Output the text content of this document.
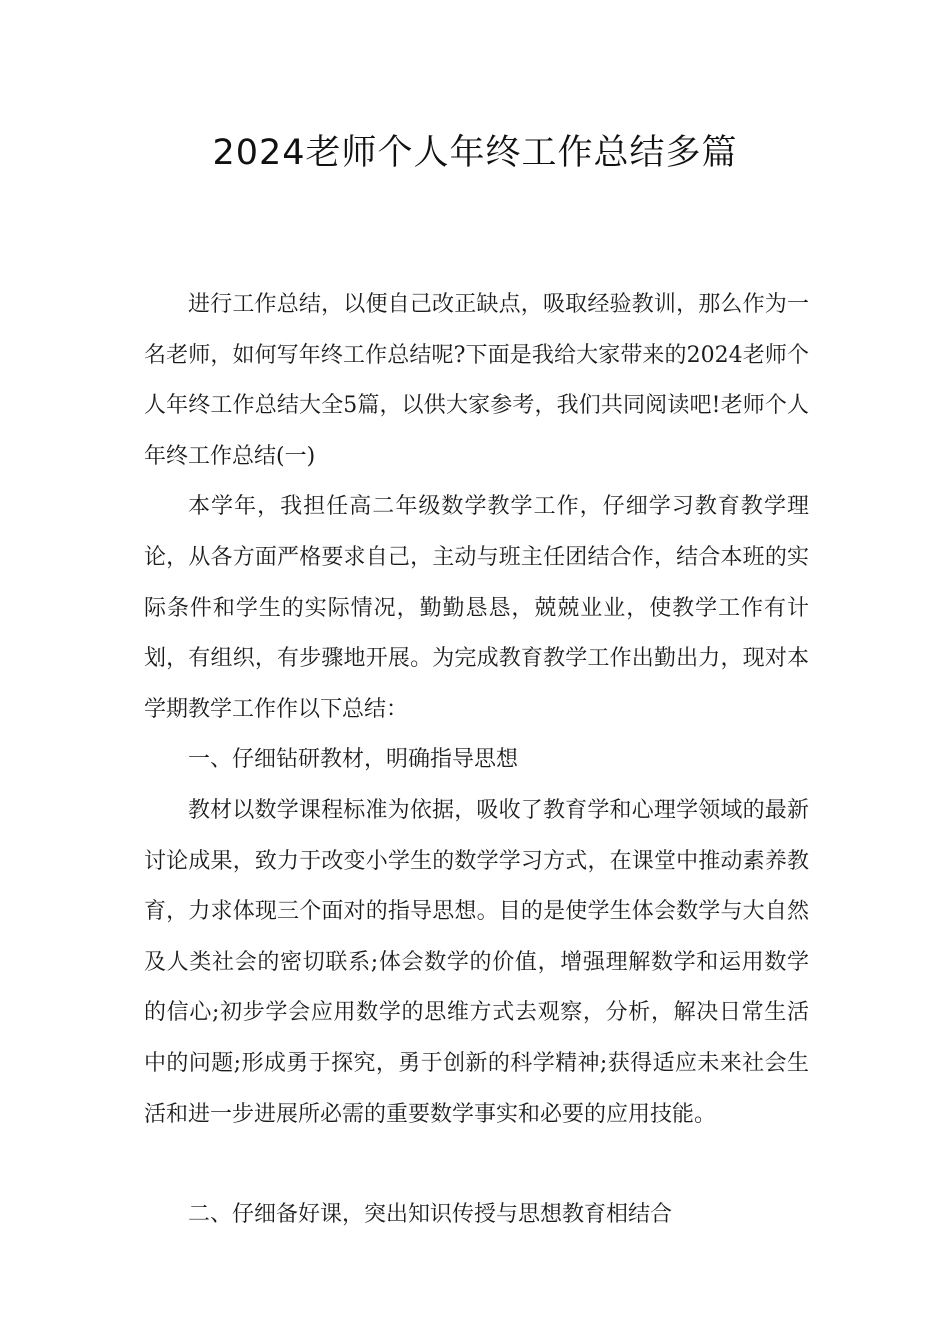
2024老师个人年终工作总结多篇

进行工作总结，以便自己改正缺点，吸取经验教训，那么作为一名老师，如何写年终工作总结呢?下面是我给大家带来的2024老师个人年终工作总结大全5篇，以供大家参考，我们共同阅读吧!老师个人年终工作总结(一)

本学年，我担任高二年级数学教学工作，仔细学习教育教学理论，从各方面严格要求自己，主动与班主任团结合作，结合本班的实际条件和学生的实际情况，勤勤恳恳，兢兢业业，使教学工作有计划，有组织，有步骤地开展。为完成教育教学工作出勤出力，现对本学期教学工作作以下总结：

一、仔细钻研教材，明确指导思想

教材以数学课程标准为依据，吸收了教育学和心理学领域的最新讨论成果，致力于改变小学生的数学学习方式，在课堂中推动素养教育，力求体现三个面对的指导思想。目的是使学生体会数学与大自然及人类社会的密切联系;体会数学的价值，增强理解数学和运用数学的信心;初步学会应用数学的思维方式去观察，分析，解决日常生活中的问题;形成勇于探究，勇于创新的科学精神;获得适应未来社会生活和进一步进展所必需的重要数学事实和必要的应用技能。

二、仔细备好课，突出知识传授与思想教育相结合
